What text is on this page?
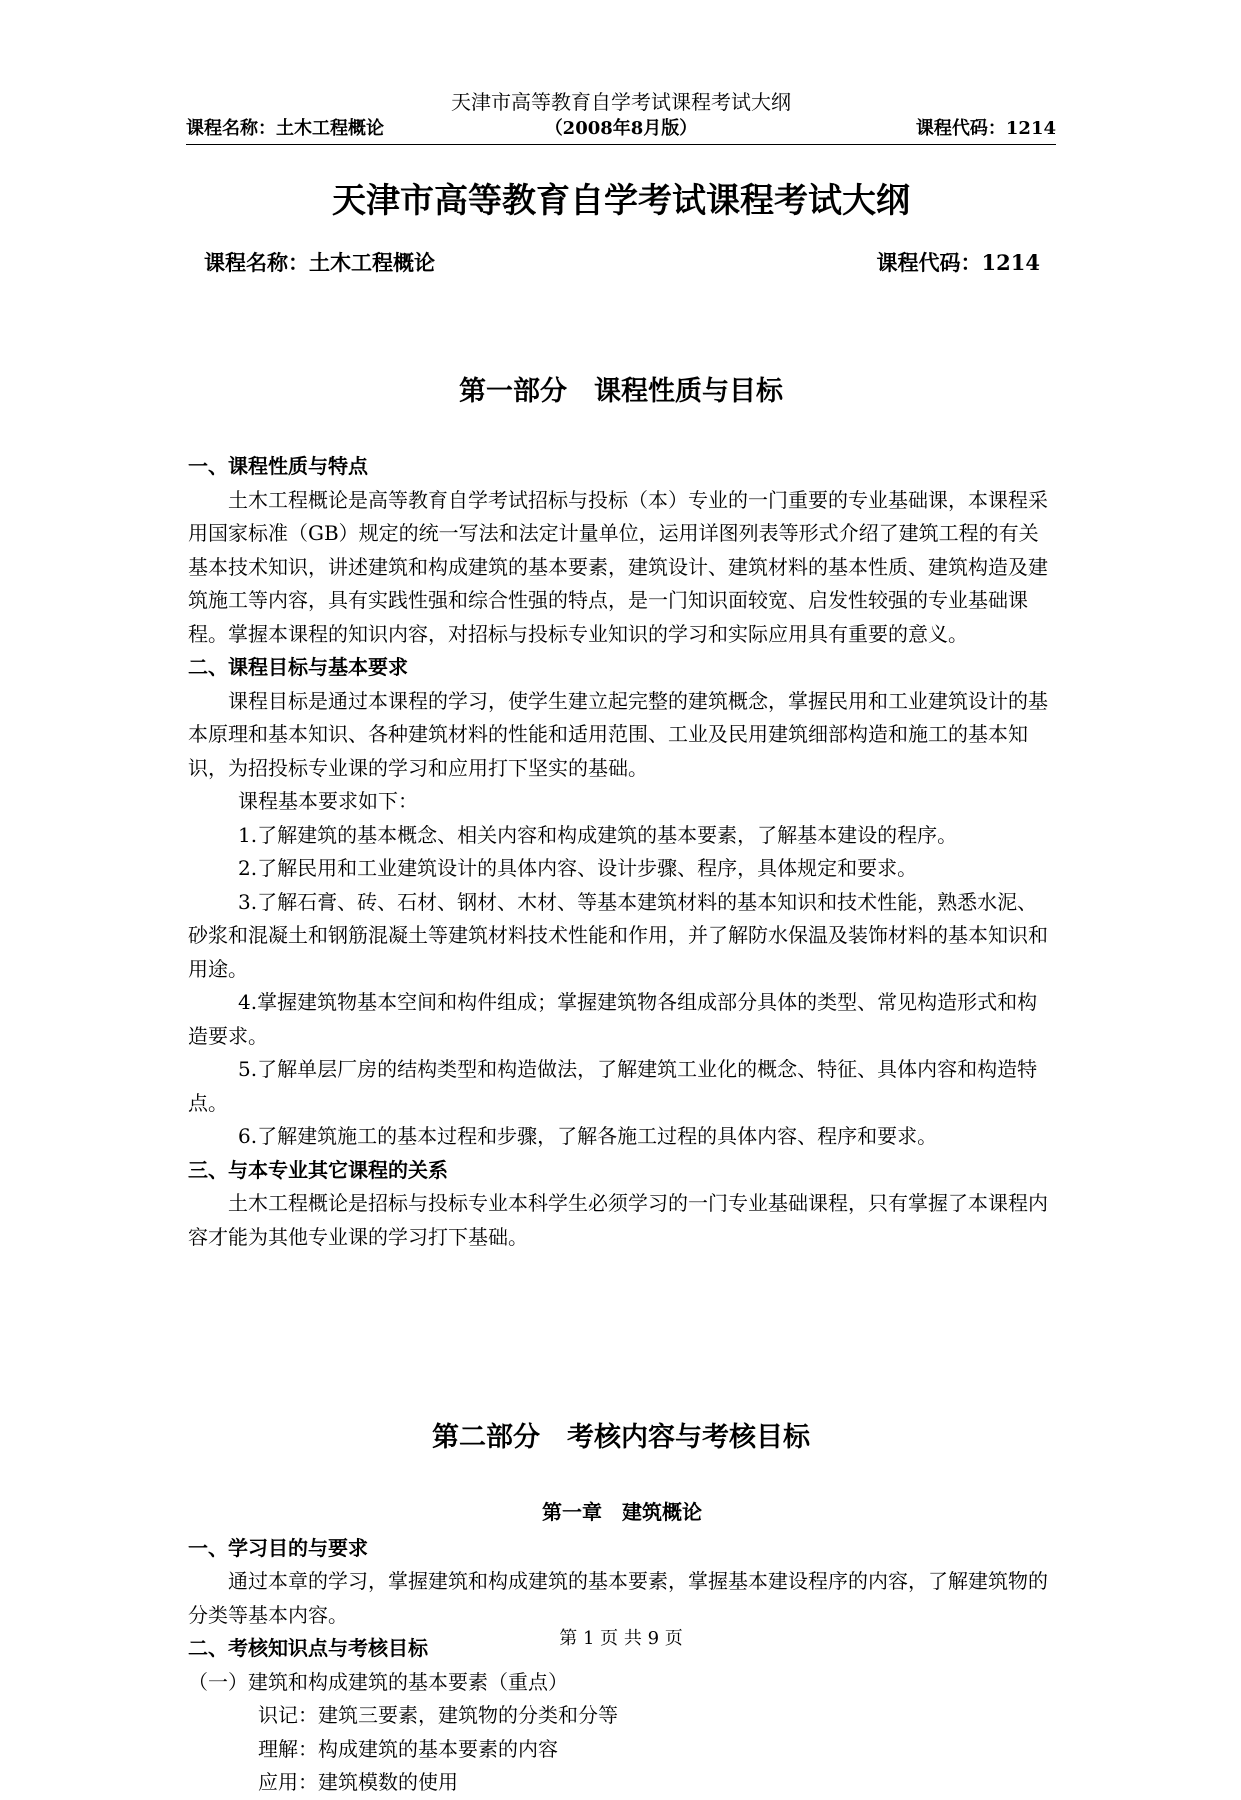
天津市高等教育自学考试课程考试大纲
课程名称：土木工程概论	（2008年8月版）	课程代码：1214
天津市高等教育自学考试课程考试大纲
课程名称：土木工程概论	课程代码：1214
第一部分　课程性质与目标

一、课程性质与特点

土木工程概论是高等教育自学考试招标与投标（本）专业的一门重要的专业基础课，本课程采用国家标准（GB）规定的统一写法和法定计量单位，运用详图列表等形式介绍了建筑工程的有关基本技术知识，讲述建筑和构成建筑的基本要素，建筑设计、建筑材料的基本性质、建筑构造及建筑施工等内容，具有实践性强和综合性强的特点，是一门知识面较宽、启发性较强的专业基础课程。掌握本课程的知识内容，对招标与投标专业知识的学习和实际应用具有重要的意义。

二、课程目标与基本要求

课程目标是通过本课程的学习，使学生建立起完整的建筑概念，掌握民用和工业建筑设计的基本原理和基本知识、各种建筑材料的性能和适用范围、工业及民用建筑细部构造和施工的基本知识，为招投标专业课的学习和应用打下坚实的基础。

课程基本要求如下：

1.了解建筑的基本概念、相关内容和构成建筑的基本要素，了解基本建设的程序。

2.了解民用和工业建筑设计的具体内容、设计步骤、程序，具体规定和要求。

3.了解石膏、砖、石材、钢材、木材、等基本建筑材料的基本知识和技术性能，熟悉水泥、砂浆和混凝土和钢筋混凝土等建筑材料技术性能和作用，并了解防水保温及装饰材料的基本知识和用途。

4.掌握建筑物基本空间和构件组成；掌握建筑物各组成部分具体的类型、常见构造形式和构造要求。

5.了解单层厂房的结构类型和构造做法，了解建筑工业化的概念、特征、具体内容和构造特点。

6.了解建筑施工的基本过程和步骤，了解各施工过程的具体内容、程序和要求。

三、与本专业其它课程的关系

土木工程概论是招标与投标专业本科学生必须学习的一门专业基础课程，只有掌握了本课程内容才能为其他专业课的学习打下基础。

第二部分　考核内容与考核目标

第一章　建筑概论

一、学习目的与要求

通过本章的学习，掌握建筑和构成建筑的基本要素，掌握基本建设程序的内容，了解建筑物的分类等基本内容。

二、考核知识点与考核目标

（一）建筑和构成建筑的基本要素（重点）

识记：建筑三要素，建筑物的分类和分等

理解：构成建筑的基本要素的内容

应用：建筑模数的使用

第 1 页 共 9 页
